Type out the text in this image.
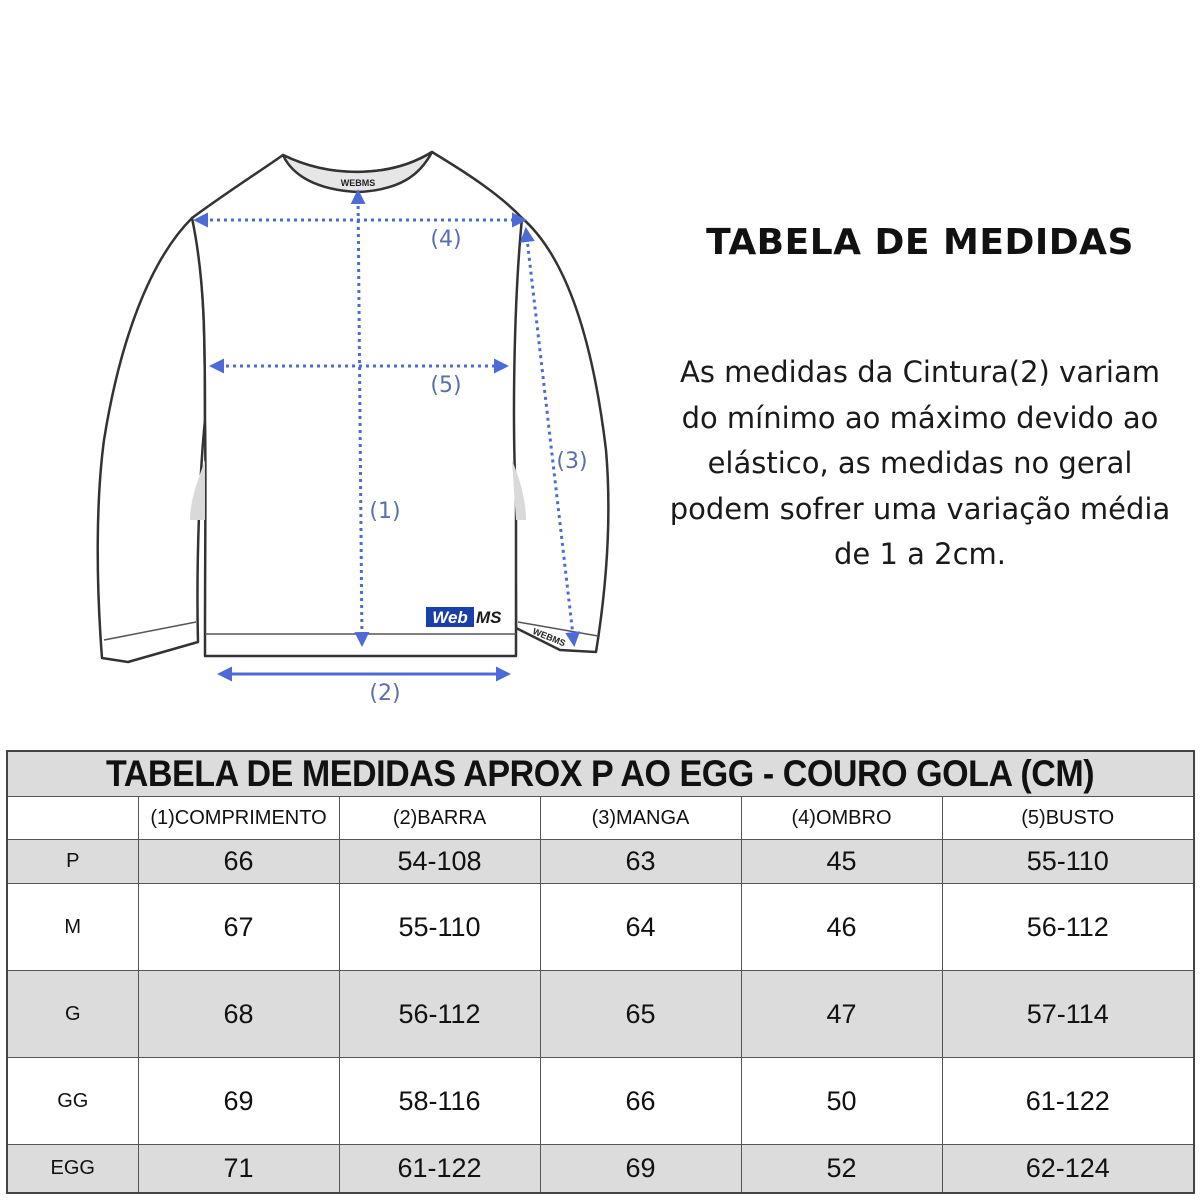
WEBMS
WEBMS
Web MS
(4)
(5)
(3)
(1)
(2)
TABELA DE MEDIDAS

As medidas da Cintura(2) variam do mínimo ao máximo devido ao elástico, as medidas no geral podem sofrer uma variação média de 1 a 2cm.

TABELA DE MEDIDAS APROX P AO EGG - COURO GOLA (CM)					
	(1)COMPRIMENTO	(2)BARRA	(3)MANGA	(4)OMBRO	(5)BUSTO
P	66	54-108	63	45	55-110
M	67	55-110	64	46	56-112
G	68	56-112	65	47	57-114
GG	69	58-116	66	50	61-122
EGG	71	61-122	69	52	62-124
